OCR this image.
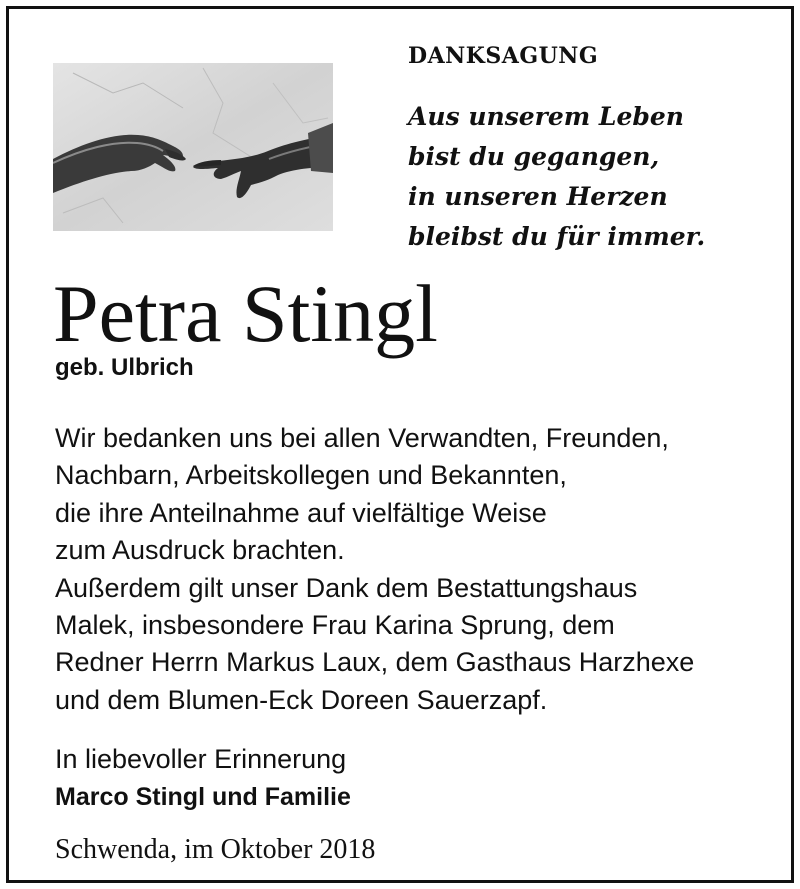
DANKSAGUNG
Aus unserem Leben
bist du gegangen,
in unseren Herzen
bleibst du für immer.
Petra Stingl
geb. Ulbrich
Wir bedanken uns bei allen Verwandten, Freunden,
Nachbarn, Arbeitskollegen und Bekannten,
die ihre Anteilnahme auf vielfältige Weise
zum Ausdruck brachten.
Außerdem gilt unser Dank dem Bestattungshaus
Malek, insbesondere Frau Karina Sprung, dem
Redner Herrn Markus Laux, dem Gasthaus Harzhexe
und dem Blumen-Eck Doreen Sauerzapf.
In liebevoller Erinnerung
Marco Stingl und Familie
Schwenda, im Oktober 2018
